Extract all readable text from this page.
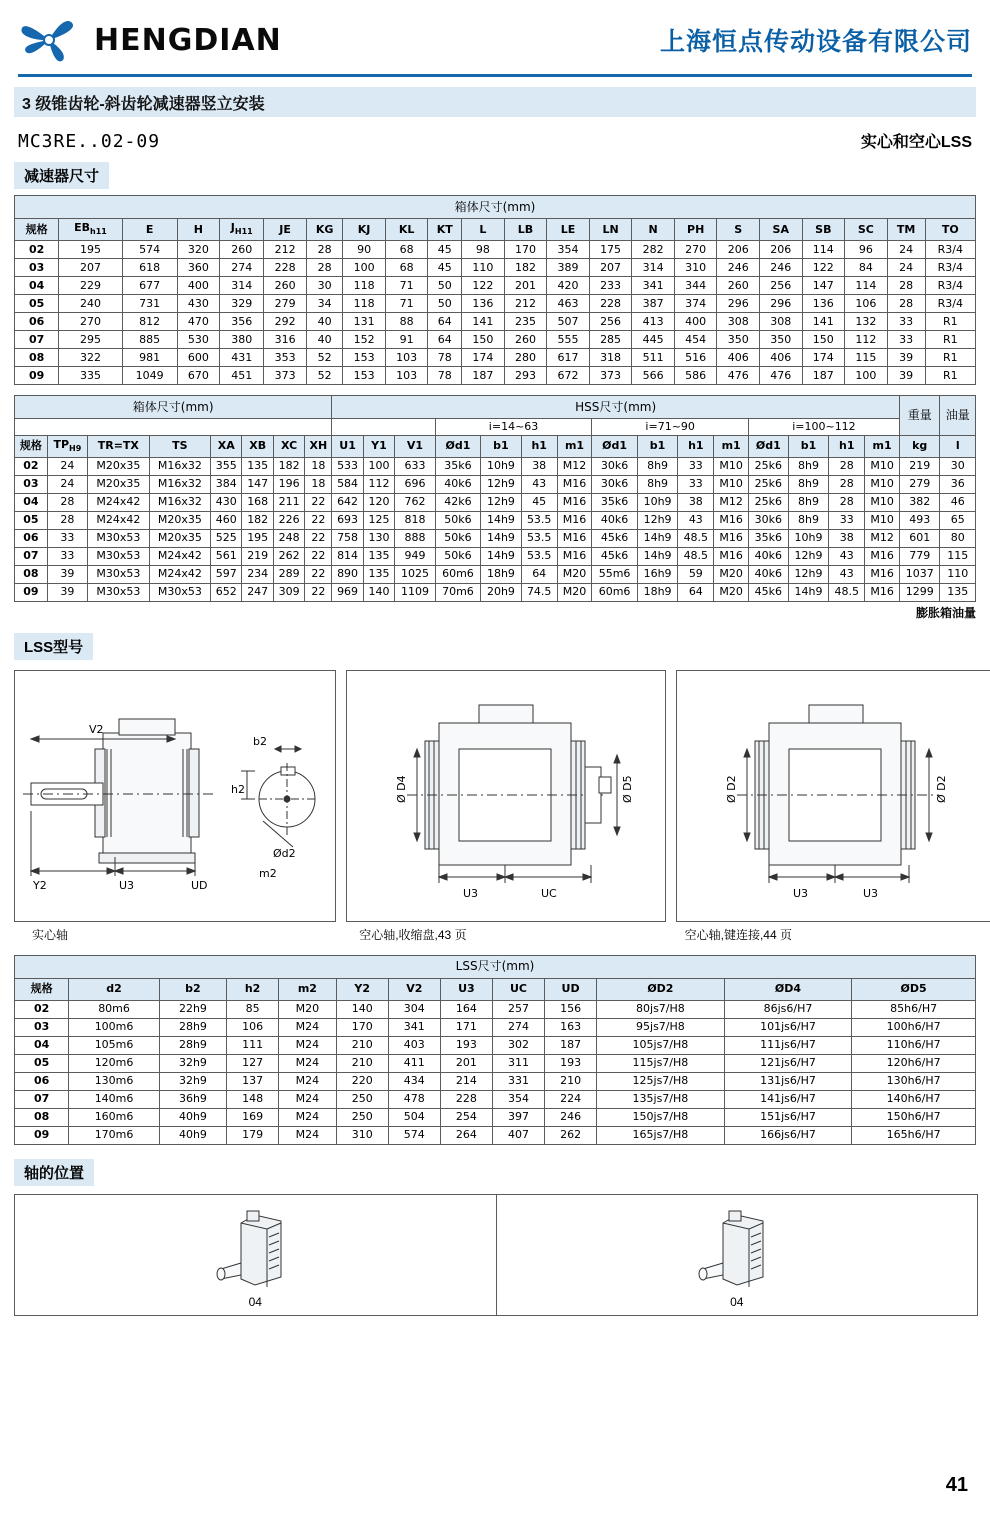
HENGDIAN	上海恒点传动设备有限公司
3 级锥齿轮-斜齿轮减速器竖立安装
MC3RE..02-09	实心和空心LSS
减速器尺寸
箱体尺寸(mm)																					
规格	$EB_{h11}$	E	H	$J_{H11}$	JE	KG	KJ	KL	KT	L	LB	LE	LN	N	PH	S	SA	SB	SC	TM	TO
02	195	574	320	260	212	28	90	68	45	98	170	354	175	282	270	206	206	114	96	24	R3/4
03	207	618	360	274	228	28	100	68	45	110	182	389	207	314	310	246	246	122	84	24	R3/4
04	229	677	400	314	260	30	118	71	50	122	201	420	233	341	344	260	256	147	114	28	R3/4
05	240	731	430	329	279	34	118	71	50	136	212	463	228	387	374	296	296	136	106	28	R3/4
06	270	812	470	356	292	40	131	88	64	141	235	507	256	413	400	308	308	141	132	33	R1
07	295	885	530	380	316	40	152	91	64	150	260	555	285	445	454	350	350	150	112	33	R1
08	322	981	600	431	353	52	153	103	78	174	280	617	318	511	516	406	406	174	115	39	R1
09	335	1049	670	451	373	52	153	103	78	187	293	672	373	566	586	476	476	187	100	39	R1
箱体尺寸(mm)								HSS尺寸(mm)															重量	油量
											i=14~63				i=71~90				i=100~112					
规格	$TP_{H9}$	TR=TX	TS	XA	XB	XC	XH	U1	Y1	V1	Ød1	b1	h1	m1	Ød1	b1	h1	m1	Ød1	b1	h1	m1	kg	l
02	24	M20x35	M16x32	355	135	182	18	533	100	633	35k6	10h9	38	M12	30k6	8h9	33	M10	25k6	8h9	28	M10	219	30
03	24	M20x35	M16x32	384	147	196	18	584	112	696	40k6	12h9	43	M16	30k6	8h9	33	M10	25k6	8h9	28	M10	279	36
04	28	M24x42	M16x32	430	168	211	22	642	120	762	42k6	12h9	45	M16	35k6	10h9	38	M12	25k6	8h9	28	M10	382	46
05	28	M24x42	M20x35	460	182	226	22	693	125	818	50k6	14h9	53.5	M16	40k6	12h9	43	M16	30k6	8h9	33	M10	493	65
06	33	M30x53	M20x35	525	195	248	22	758	130	888	50k6	14h9	53.5	M16	45k6	14h9	48.5	M16	35k6	10h9	38	M12	601	80
07	33	M30x53	M24x42	561	219	262	22	814	135	949	50k6	14h9	53.5	M16	45k6	14h9	48.5	M16	40k6	12h9	43	M16	779	115
08	39	M30x53	M24x42	597	234	289	22	890	135	1025	60m6	18h9	64	M20	55m6	16h9	59	M20	40k6	12h9	43	M16	1037	110
09	39	M30x53	M30x53	652	247	309	22	969	140	1109	70m6	20h9	74.5	M20	60m6	18h9	64	M20	45k6	14h9	48.5	M16	1299	135
膨胀箱油量
LSS型号
V2
b2
h2
Ød2
m2
Y2	U3	UD
Ø D4	Ø D5
U3	UC
Ø D2	Ø D2
U3	U3
实心轴	空心轴,收缩盘,43 页	空心轴,键连接,44 页
LSS尺寸(mm)												
规格	d2	b2	h2	m2	Y2	V2	U3	UC	UD	ØD2	ØD4	ØD5
02	80m6	22h9	85	M20	140	304	164	257	156	80js7/H8	86js6/H7	85h6/H7
03	100m6	28h9	106	M24	170	341	171	274	163	95js7/H8	101js6/H7	100h6/H7
04	105m6	28h9	111	M24	210	403	193	302	187	105js7/H8	111js6/H7	110h6/H7
05	120m6	32h9	127	M24	210	411	201	311	193	115js7/H8	121js6/H7	120h6/H7
06	130m6	32h9	137	M24	220	434	214	331	210	125js7/H8	131js6/H7	130h6/H7
07	140m6	36h9	148	M24	250	478	228	354	224	135js7/H8	141js6/H7	140h6/H7
08	160m6	40h9	169	M24	250	504	254	397	246	150js7/H8	151js6/H7	150h6/H7
09	170m6	40h9	179	M24	310	574	264	407	262	165js7/H8	166js6/H7	165h6/H7
轴的位置
04	04
41
